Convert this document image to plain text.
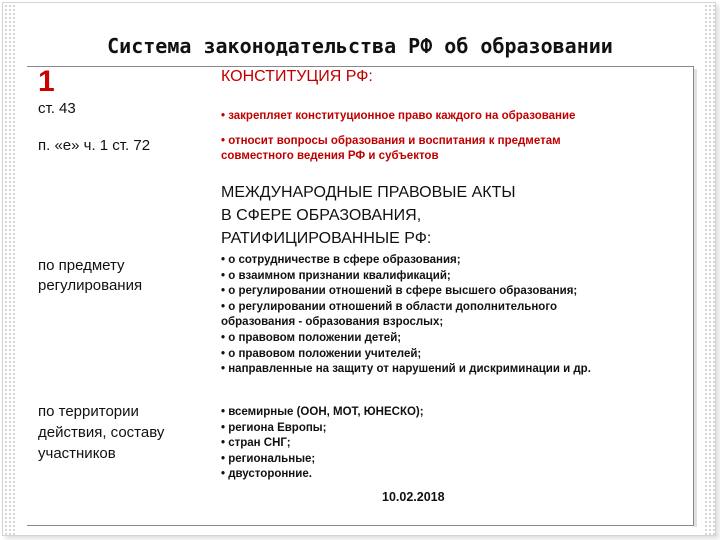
Система законодательства РФ об образовании
1
ст. 43
п. «е» ч. 1 ст. 72
по предмету
регулирования
по территории
действия, составу
участников
КОНСТИТУЦИЯ РФ:
• закрепляет конституционное право каждого на образование
• относит вопросы образования и воспитания к предметам
совместного ведения РФ и субъектов
МЕЖДУНАРОДНЫЕ ПРАВОВЫЕ АКТЫ
В СФЕРЕ ОБРАЗОВАНИЯ,
РАТИФИЦИРОВАННЫЕ РФ:
• о сотрудничестве в сфере образования;
• о взаимном признании квалификаций;
• о регулировании отношений в сфере высшего образования;
• о регулировании отношений в области дополнительного
образования - образования взрослых;
• о правовом положении детей;
• о правовом положении учителей;
• направленные на защиту от нарушений и дискриминации и др.
• всемирные (ООН, МОТ, ЮНЕСКО);
• региона Европы;
• стран СНГ;
• региональные;
• двусторонние.
10.02.2018
